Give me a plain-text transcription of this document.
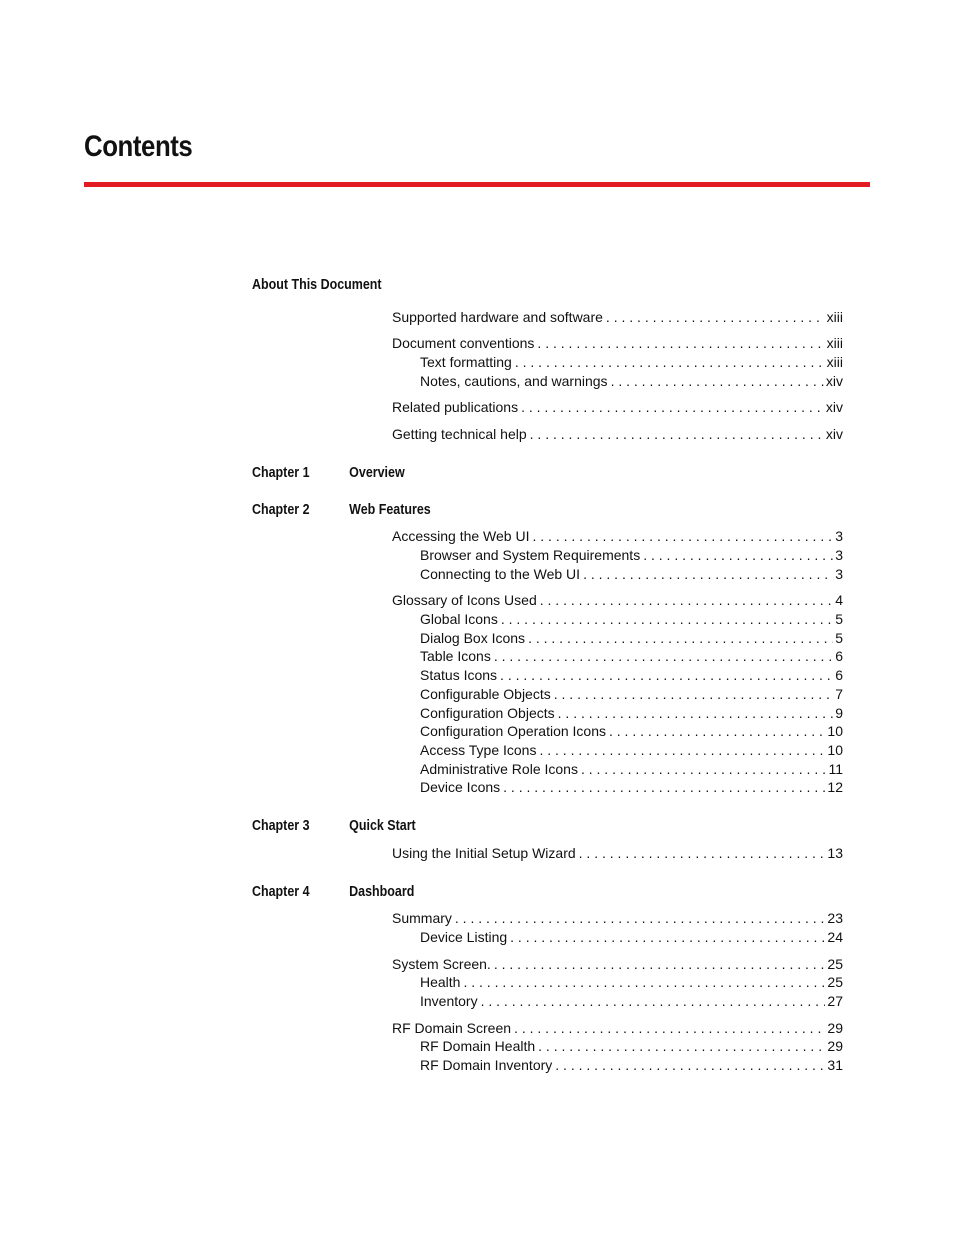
Contents
About This Document
Supported hardware and software . . .	xiii
Document conventions . . .	xiii
Text formatting . . .	xiii
Notes, cautions, and warnings . . .	xiv
Related publications . . .	xiv
Getting technical help . . .	xiv
Chapter 1	Overview
Chapter 2	Web Features
Accessing the Web UI . . .	3
Browser and System Requirements . . .	3
Connecting to the Web UI . . .	3
Glossary of Icons Used . . .	4
Global Icons . . .	5
Dialog Box Icons . . .	5
Table Icons . . .	6
Status Icons . . .	6
Configurable Objects . . .	7
Configuration Objects . . .	9
Configuration Operation Icons . . .	10
Access Type Icons . . .	10
Administrative Role Icons . . .	11
Device Icons . . .	12
Chapter 3	Quick Start
Using the Initial Setup Wizard . . .	13
Chapter 4	Dashboard
Summary . . .	23
Device Listing . . .	24
System Screen. . . .	25
Health . . .	25
Inventory . . .	27
RF Domain Screen . . .	29
RF Domain Health . . .	29
RF Domain Inventory . . .	31
